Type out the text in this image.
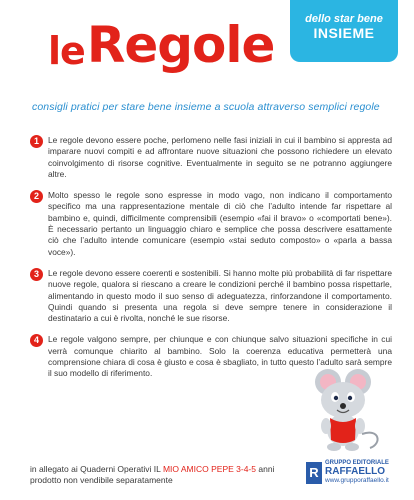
le Regole	dello star bene
INSIEME
consigli pratici per stare bene insieme a scuola attraverso semplici regole
1	Le regole devono essere poche, perlomeno nelle fasi iniziali in cui il bambino si appresta ad imparare nuovi compiti e ad affrontare nuove situazioni che possono richiedere un elevato coinvolgimento di risorse cognitive. Eventualmente in seguito se ne potranno aggiungere altre.

2	Molto spesso le regole sono espresse in modo vago, non indicano il comportamento specifico ma una rappresentazione mentale di ciò che l’adulto intende far rispettare al bambino e, quindi, difficilmente comprensibili (esempio «fai il bravo» o «comportati bene»). È necessario pertanto un linguaggio chiaro e semplice che possa descrivere esattamente ciò che l’adulto intende comunicare (esempio «stai seduto composto» o «parla a bassa voce»).

3	Le regole devono essere coerenti e sostenibili. Si hanno molte più probabilità di far rispettare nuove regole, qualora si riescano a creare le condizioni perché il bambino possa rispettarle, alimentando in questo modo il suo senso di adeguatezza, rinforzandone il comportamento. Quindi quando si presenta una regola si deve sempre tenere in considerazione il destinatario a cui è rivolta, nonché le sue risorse.

4	Le regole valgono sempre, per chiunque e con chiunque salvo situazioni specifiche in cui verrà comunque chiarito al bambino. Solo la coerenza educativa permetterà una comprensione chiara di cosa è giusto e cosa è sbagliato, in tutto questo l’adulto sarà sempre il suo modello di riferimento.

in allegato ai Quaderni Operativi IL MIO AMICO PEPE 3-4-5 anni
prodotto non vendibile separatamente
R
GRUPPO EDITORIALE
RAFFAELLO
www.grupporaffaello.it
